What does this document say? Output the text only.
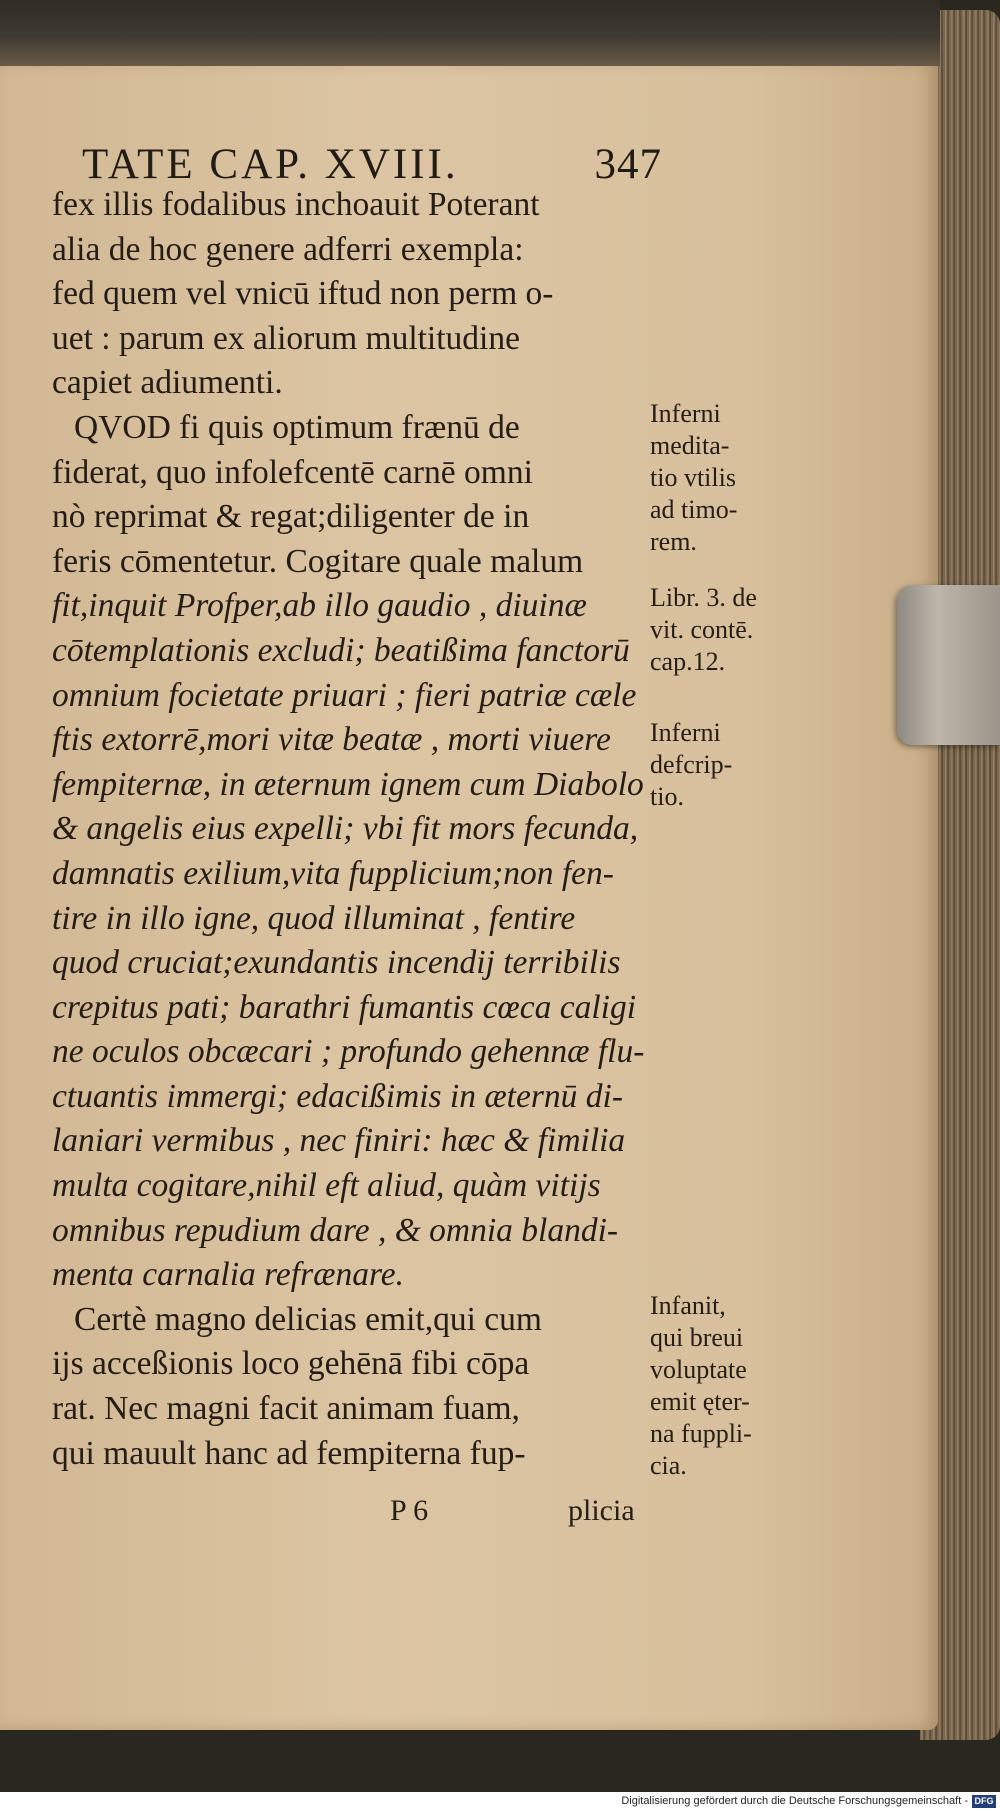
TATE CAP. XVIII.	347
fex illis fodalibus inchoauit Poterant
alia de hoc genere adferri exempla:
fed quem vel vnicū iftud non perm o-
uet : parum ex aliorum multitudine
capiet adiumenti.
QVOD fi quis optimum frænū de
fiderat, quo infolefcentē carnē omni
nò reprimat & regat;diligenter de in
feris cōmentetur. Cogitare quale malum
fit,inquit Profper,ab illo gaudio , diuinæ
cōtemplationis excludi; beatißima fanctorū
omnium focietate priuari ; fieri patriæ cæle
ftis extorrē,mori vitæ beatæ , morti viuere
fempiternæ, in æternum ignem cum Diabolo
& angelis eius expelli; vbi fit mors fecunda,
damnatis exilium,vita fupplicium;non fen-
tire in illo igne, quod illuminat , fentire
quod cruciat;exundantis incendij terribilis
crepitus pati; barathri fumantis cœca caligi
ne oculos obcæcari ; profundo gehennæ flu-
ctuantis immergi; edacißimis in æternū di-
laniari vermibus , nec finiri: hæc & fimilia
multa cogitare,nihil eft aliud, quàm vitijs
omnibus repudium dare , & omnia blandi-
menta carnalia refrænare.
Certè magno delicias emit,qui cum
ijs acceßionis loco gehēnā fibi cōpa
rat. Nec magni facit animam fuam,
qui mauult hanc ad fempiterna fup-
Inferni
medita-
tio vtilis
ad timo-
rem.
Libr. 3. de
vit. contē.
cap.12.
Inferni
defcrip-
tio.
Infanit,
qui breui
voluptate
emit ęter-
na fuppli-
cia.
P 6	plicia
Digitalisierung gefördert durch die Deutsche Forschungsgemeinschaft - DFG
